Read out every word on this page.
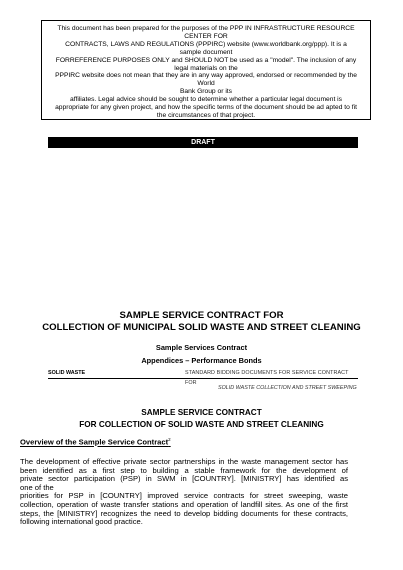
This document has been prepared for the purposes of the PPP IN INFRASTRUCTURE RESOURCE
CENTER FOR
CONTRACTS, LAWS AND REGULATIONS (PPPIRC) website (www.worldbank.org/ppp). It is a
sample document
FORREFERENCE PURPOSES ONLY and SHOULD NOT be used as a "model". The inclusion of any
legal materials on the
PPPIRC website does not mean that they are in any way approved, endorsed or recommended by the World
Bank Group or its
affiliates. Legal advice should be sought to determine whether a particular legal document is
appropriate for any given project, and how the specific terms of the document should be ad apted to fit
the circumstances of that project.

DRAFT
SAMPLE SERVICE CONTRACT FOR
COLLECTION OF MUNICIPAL SOLID WASTE AND STREET CLEANING
Sample Services Contract
Appendices – Performance Bonds
SOLID WASTE	STANDARD BIDDING DOCUMENTS FOR SERVICE CONTRACT FOR
SOLID WASTE COLLECTION AND STREET SWEEPING
SAMPLE SERVICE CONTRACT
FOR COLLECTION OF SOLID WASTE AND STREET CLEANING
Overview of the Sample Service Contract$^2$

The development of effective private sector partnerships in the waste management sector has
been identified as a first step to building a stable framework for the development of
private sector participation (PSP) in SWM in [COUNTRY]. [MINISTRY] has identified as
one of the
priorities for PSP in [COUNTRY] improved service contracts for street sweeping, waste
collection, operation of waste transfer stations and operation of landfill sites. As one of the first
steps, the [MINISTRY] recognizes the need to develop bidding documents for these contracts,
following international good practice.
